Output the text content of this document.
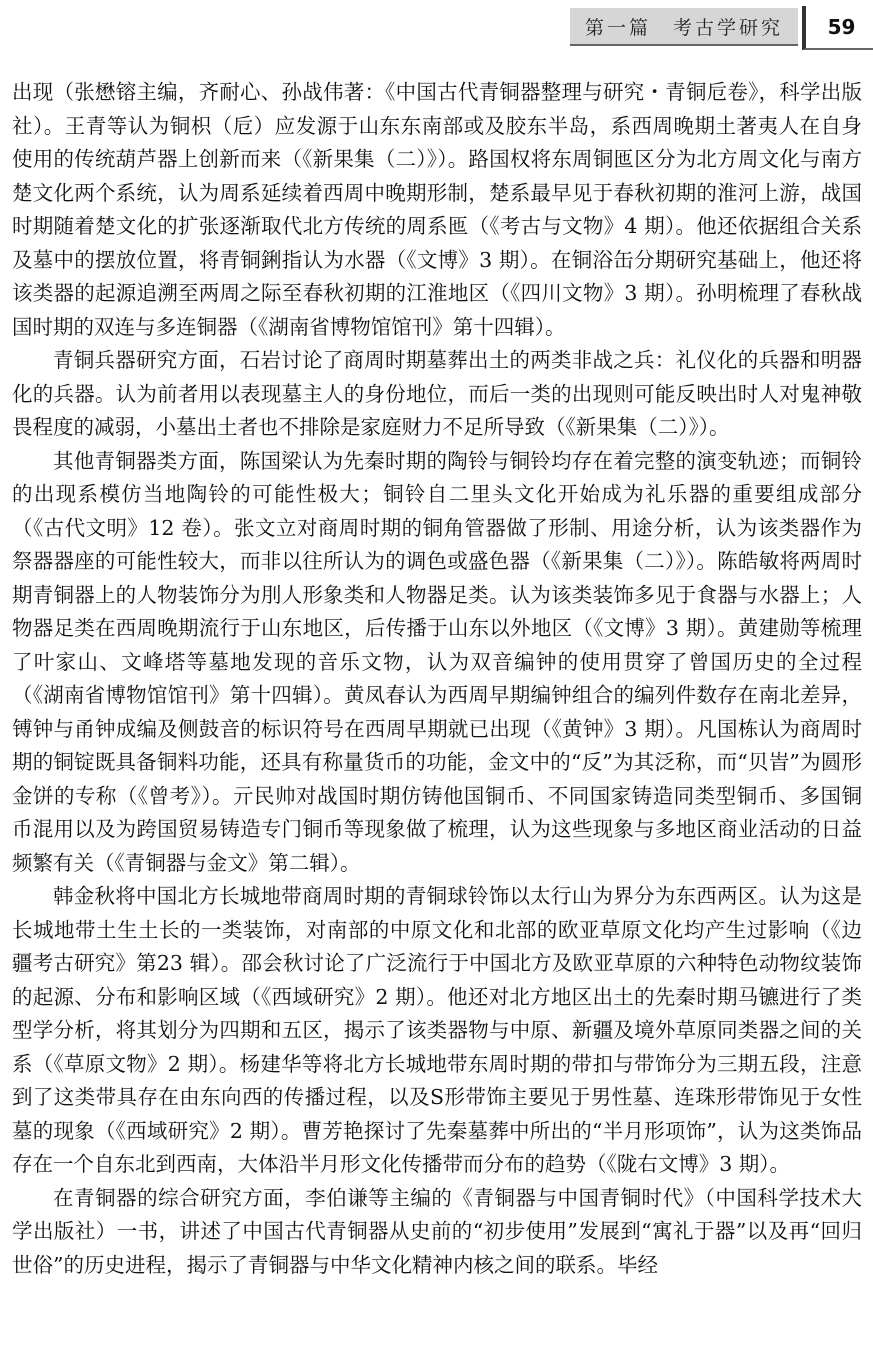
第一篇　考古学研究	59

出现（张懋镕主编，齐耐心、孙战伟著：《中国古代青铜器整理与研究・青铜卮卷》，科学出版社）。王青等认为铜枳（卮）应发源于山东东南部或及胶东半岛，系西周晚期土著夷人在自身使用的传统葫芦器上创新而来（《新果集（二）》）。路国权将东周铜匜区分为北方周文化与南方楚文化两个系统，认为周系延续着西周中晚期形制，楚系最早见于春秋初期的淮河上游，战国时期随着楚文化的扩张逐渐取代北方传统的周系匜（《考古与文物》4 期）。他还依据组合关系及墓中的摆放位置，将青铜鋓指认为水器（《文博》3 期）。在铜浴缶分期研究基础上，他还将该类器的起源追溯至两周之际至春秋初期的江淮地区（《四川文物》3 期）。孙明梳理了春秋战国时期的双连与多连铜器（《湖南省博物馆馆刊》第十四辑）。

青铜兵器研究方面，石岩讨论了商周时期墓葬出土的两类非战之兵：礼仪化的兵器和明器化的兵器。认为前者用以表现墓主人的身份地位，而后一类的出现则可能反映出时人对鬼神敬畏程度的减弱，小墓出土者也不排除是家庭财力不足所导致（《新果集（二）》）。

其他青铜器类方面，陈国梁认为先秦时期的陶铃与铜铃均存在着完整的演变轨迹；而铜铃的出现系模仿当地陶铃的可能性极大；铜铃自二里头文化开始成为礼乐器的重要组成部分（《古代文明》12 卷）。张文立对商周时期的铜角管器做了形制、用途分析，认为该类器作为祭器器座的可能性较大，而非以往所认为的调色或盛色器（《新果集（二）》）。陈皓敏将两周时期青铜器上的人物装饰分为刖人形象类和人物器足类。认为该类装饰多见于食器与水器上；人物器足类在西周晚期流行于山东地区，后传播于山东以外地区（《文博》3 期）。黄建勋等梳理了叶家山、文峰塔等墓地发现的音乐文物，认为双音编钟的使用贯穿了曾国历史的全过程（《湖南省博物馆馆刊》第十四辑）。黄凤春认为西周早期编钟组合的编列件数存在南北差异，镈钟与甬钟成编及侧鼓音的标识符号在西周早期就已出现（《黄钟》3 期）。凡国栋认为商周时期的铜锭既具备铜料功能，还具有称量货币的功能，金文中的“反”为其泛称，而“贝峕”为圆形金饼的专称（《曾考》）。亓民帅对战国时期仿铸他国铜币、不同国家铸造同类型铜币、多国铜币混用以及为跨国贸易铸造专门铜币等现象做了梳理，认为这些现象与多地区商业活动的日益频繁有关（《青铜器与金文》第二辑）。

韩金秋将中国北方长城地带商周时期的青铜球铃饰以太行山为界分为东西两区。认为这是长城地带土生土长的一类装饰，对南部的中原文化和北部的欧亚草原文化均产生过影响（《边疆考古研究》第23 辑）。邵会秋讨论了广泛流行于中国北方及欧亚草原的六种特色动物纹装饰的起源、分布和影响区域（《西域研究》2 期）。他还对北方地区出土的先秦时期马镳进行了类型学分析，将其划分为四期和五区，揭示了该类器物与中原、新疆及境外草原同类器之间的关系（《草原文物》2 期）。杨建华等将北方长城地带东周时期的带扣与带饰分为三期五段，注意到了这类带具存在由东向西的传播过程，以及S形带饰主要见于男性墓、连珠形带饰见于女性墓的现象（《西域研究》2 期）。曹芳艳探讨了先秦墓葬中所出的“半月形项饰”，认为这类饰品存在一个自东北到西南，大体沿半月形文化传播带而分布的趋势（《陇右文博》3 期）。

在青铜器的综合研究方面，李伯谦等主编的《青铜器与中国青铜时代》（中国科学技术大学出版社）一书，讲述了中国古代青铜器从史前的“初步使用”发展到“寓礼于器”以及再“回归世俗”的历史进程，揭示了青铜器与中华文化精神内核之间的联系。毕经
